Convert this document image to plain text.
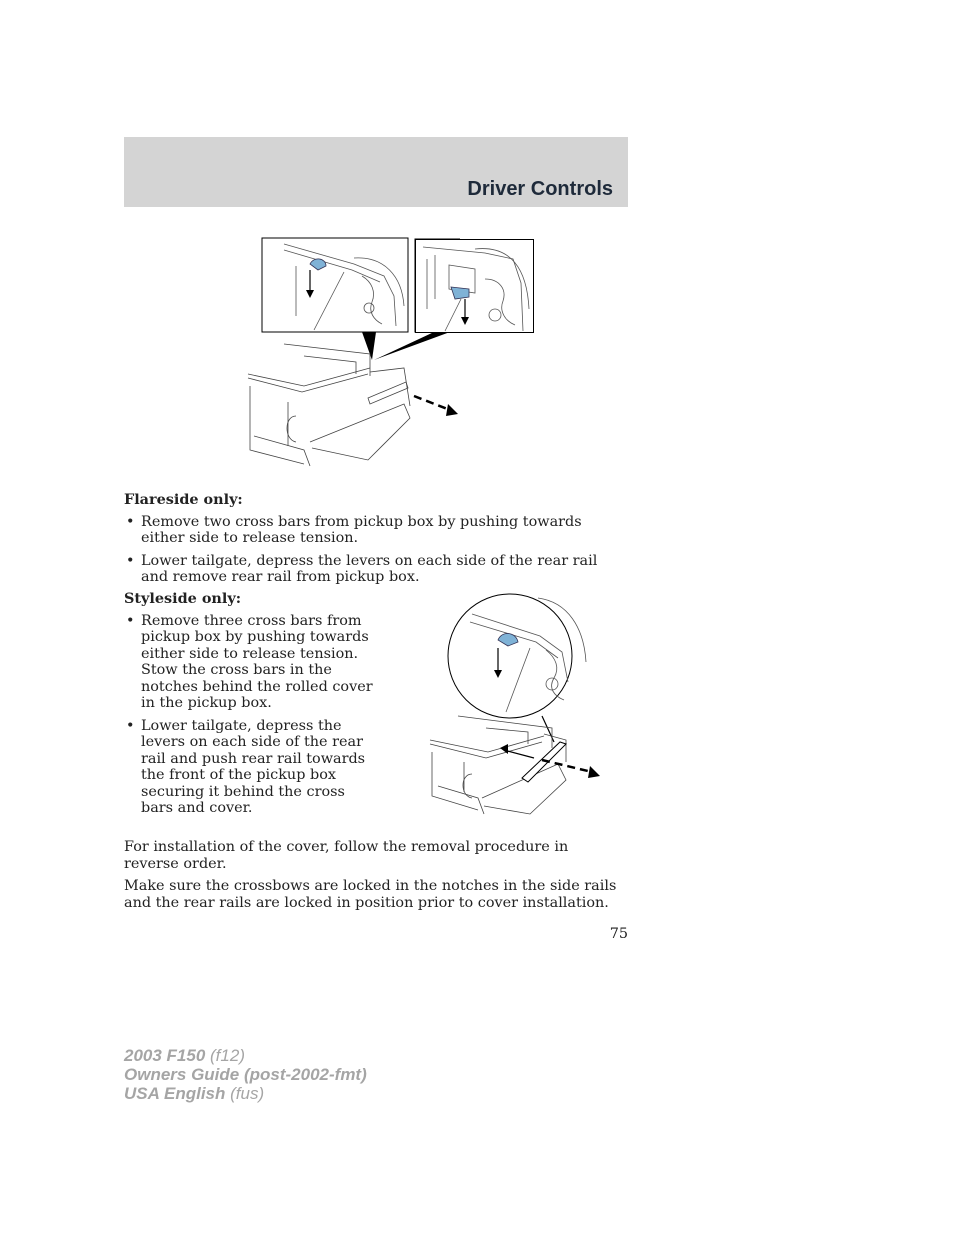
Driver Controls

Flareside only:

• Remove two cross bars from pickup box by pushing towards either side to release tension.
• Lower tailgate, depress the levers on each side of the rear rail and remove rear rail from pickup box.

Styleside only:

• Remove three cross bars from pickup box by pushing towards either side to release tension. Stow the cross bars in the notches behind the rolled cover in the pickup box.
• Lower tailgate, depress the levers on each side of the rear rail and push rear rail towards the front of the pickup box securing it behind the cross bars and cover.

For installation of the cover, follow the removal procedure in reverse order.

Make sure the crossbows are locked in the notches in the side rails and the rear rails are locked in position prior to cover installation.

75

2003 F150 (f12)
Owners Guide (post-2002-fmt)
USA English (fus)
